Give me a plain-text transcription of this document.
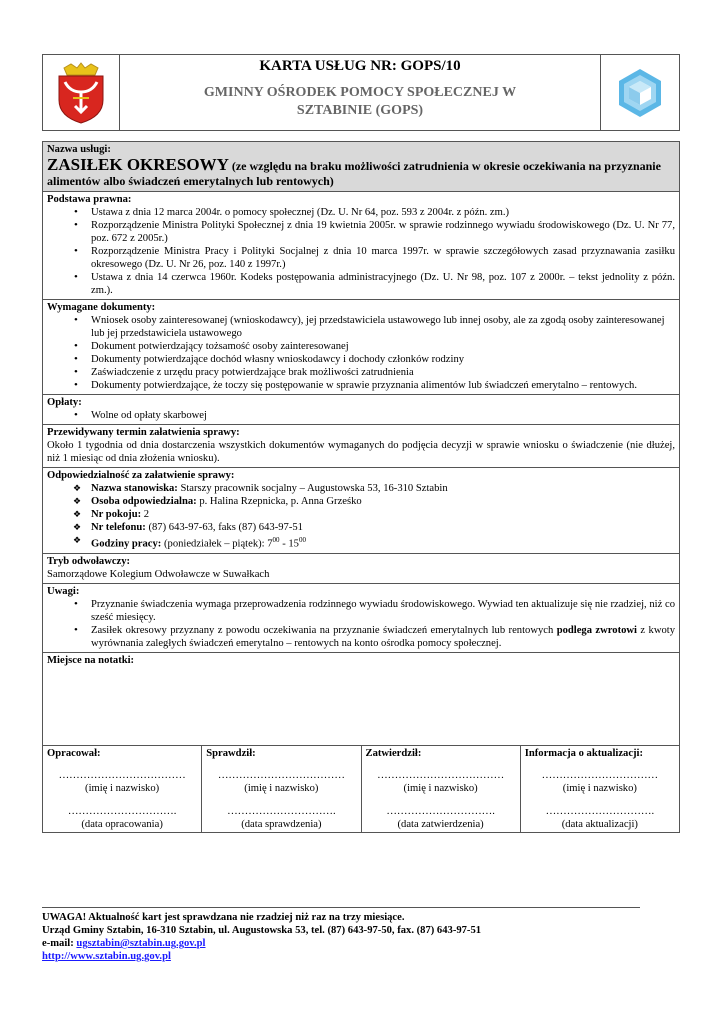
KARTA USŁUG NR: GOPS/10
GMINNY OŚRODEK POMOCY SPOŁECZNEJ W
SZTABINIE (GOPS)
Nazwa usługi:
ZASIŁEK OKRESOWY (ze względu na braku możliwości zatrudnienia w okresie oczekiwania na przyznanie alimentów albo świadczeń emerytalnych lub rentowych)
Podstawa prawna:
• Ustawa z dnia 12 marca 2004r. o pomocy społecznej (Dz. U. Nr 64, poz. 593 z 2004r. z późn. zm.)
• Rozporządzenie Ministra Polityki Społecznej z dnia 19 kwietnia 2005r. w sprawie rodzinnego wywiadu środowiskowego (Dz. U. Nr 77, poz. 672 z 2005r.)
• Rozporządzenie Ministra Pracy i Polityki Socjalnej z dnia 10 marca 1997r. w sprawie szczegółowych zasad przyznawania zasiłku okresowego (Dz. U. Nr 26, poz. 140 z 1997r.)
• Ustawa z dnia 14 czerwca 1960r. Kodeks postępowania administracyjnego (Dz. U. Nr 98, poz. 107 z 2000r. – tekst jednolity z późn. zm.).
Wymagane dokumenty:
• Wniosek osoby zainteresowanej (wnioskodawcy), jej przedstawiciela ustawowego lub innej osoby, ale za zgodą osoby zainteresowanej lub jej przedstawiciela ustawowego
• Dokument potwierdzający tożsamość osoby zainteresowanej
• Dokumenty potwierdzające dochód własny wnioskodawcy i dochody członków rodziny
• Zaświadczenie z urzędu pracy potwierdzające brak możliwości zatrudnienia
• Dokumenty potwierdzające, że toczy się postępowanie w sprawie przyznania alimentów lub świadczeń emerytalno – rentowych.
Opłaty:
• Wolne od opłaty skarbowej
Przewidywany termin załatwienia sprawy:
Około 1 tygodnia od dnia dostarczenia wszystkich dokumentów wymaganych do podjęcia decyzji w sprawie wniosku o świadczenie (nie dłużej, niż 1 miesiąc od dnia złożenia wniosku).
Odpowiedzialność za załatwienie sprawy:
❖ Nazwa stanowiska: Starszy pracownik socjalny – Augustowska 53, 16-310 Sztabin
❖ Osoba odpowiedzialna: p. Halina Rzepnicka, p. Anna Grześko
❖ Nr pokoju: 2
❖ Nr telefonu: (87) 643-97-63, faks (87) 643-97-51
❖ Godziny pracy: (poniedziałek – piątek): $7^{00} - 15^{00}$
Tryb odwoławczy:
Samorządowe Kolegium Odwoławcze w Suwałkach
Uwagi:
• Przyznanie świadczenia wymaga przeprowadzenia rodzinnego wywiadu środowiskowego. Wywiad ten aktualizuje się nie rzadziej, niż co sześć miesięcy.
• Zasiłek okresowy przyznany z powodu oczekiwania na przyznanie świadczeń emerytalnych lub rentowych podlega zwrotowi z kwoty wyrównania zaległych świadczeń emerytalno – rentowych na konto ośrodka pomocy społecznej.
Miejsce na notatki:
Opracował:
………………………………
(imię i nazwisko)
………………………….
(data opracowania)
Sprawdził:
………………………………
(imię i nazwisko)
………………………….
(data sprawdzenia)
Zatwierdził:
………………………………
(imię i nazwisko)
………………………….
(data zatwierdzenia)
Informacja o aktualizacji:
……………………………
(imię i nazwisko)
………………………….
(data aktualizacji)
UWAGA! Aktualność kart jest sprawdzana nie rzadziej niż raz na trzy miesiące.
Urząd Gminy Sztabin, 16-310 Sztabin, ul. Augustowska 53, tel. (87) 643-97-50, fax. (87) 643-97-51
e-mail: ugsztabin@sztabin.ug.gov.pl
http://www.sztabin.ug.gov.pl
